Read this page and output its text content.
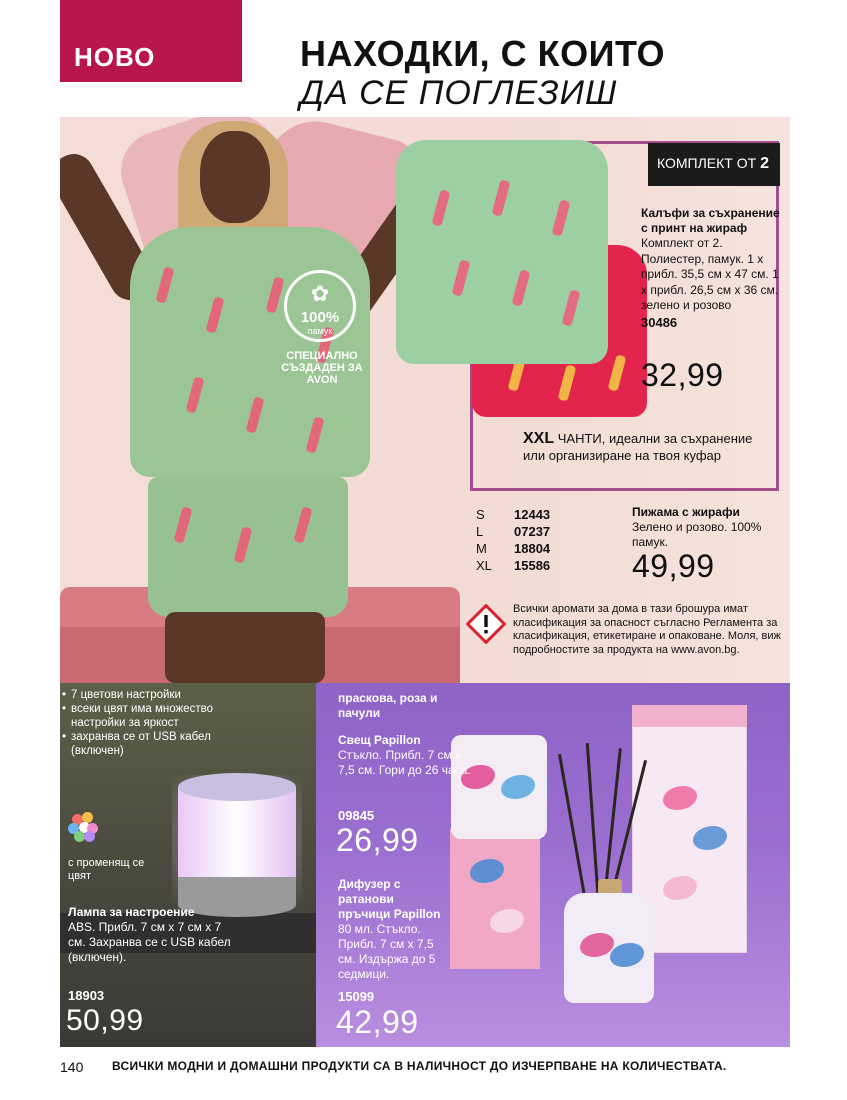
НОВО	НАХОДКИ, С КОИТО
ДА СЕ ПОГЛЕЗИШ
✿
100%
памук
СПЕЦИАЛНО СЪЗДАДЕН ЗА AVON
КОМПЛЕКТ ОТ 2
Калъфи за съхранение с принт на жираф
Комплект от 2. Полиестер, памук. 1 х прибл. 35,5 см х 47 см. 1 х прибл. 26,5 см х 36 см. зелено и розово
30486
32,99
XXL ЧАНТИ, идеални за съхранение или организиране на твоя куфар
S	12443
L	07237
M	18804
XL	15586
Пижама с жирафи
Зелено и розово. 100% памук.
49,99
Всички аромати за дома в тази брошура имат класификация за опасност съгласно Регламента за класификация, етикетиране и опаковане. Моля, виж подробностите за продукта на www.avon.bg.
• 7 цветови настройки
• всеки цвят има множество настройки за яркост
• захранва се от USB кабел (включен)
с променящ се цвят
Лампа за настроение
ABS. Прибл. 7 см х 7 см х 7 см. Захранва се с USB кабел (включен).
18903
50,99
праскова, роза и пачули
Свещ Papillon
Стъкло. Прибл. 7 см х 7,5 см. Гори до 26 часа.
09845
26,99
Дифузер с ратанови пръчици Papillon
80 мл. Стъкло. Прибл. 7 см х 7,5 см. Издържа до 5 седмици.
15099
42,99
140 ВСИЧКИ МОДНИ И ДОМАШНИ ПРОДУКТИ СА В НАЛИЧНОСТ ДО ИЗЧЕРПВАНЕ НА КОЛИЧЕСТВАТА.
